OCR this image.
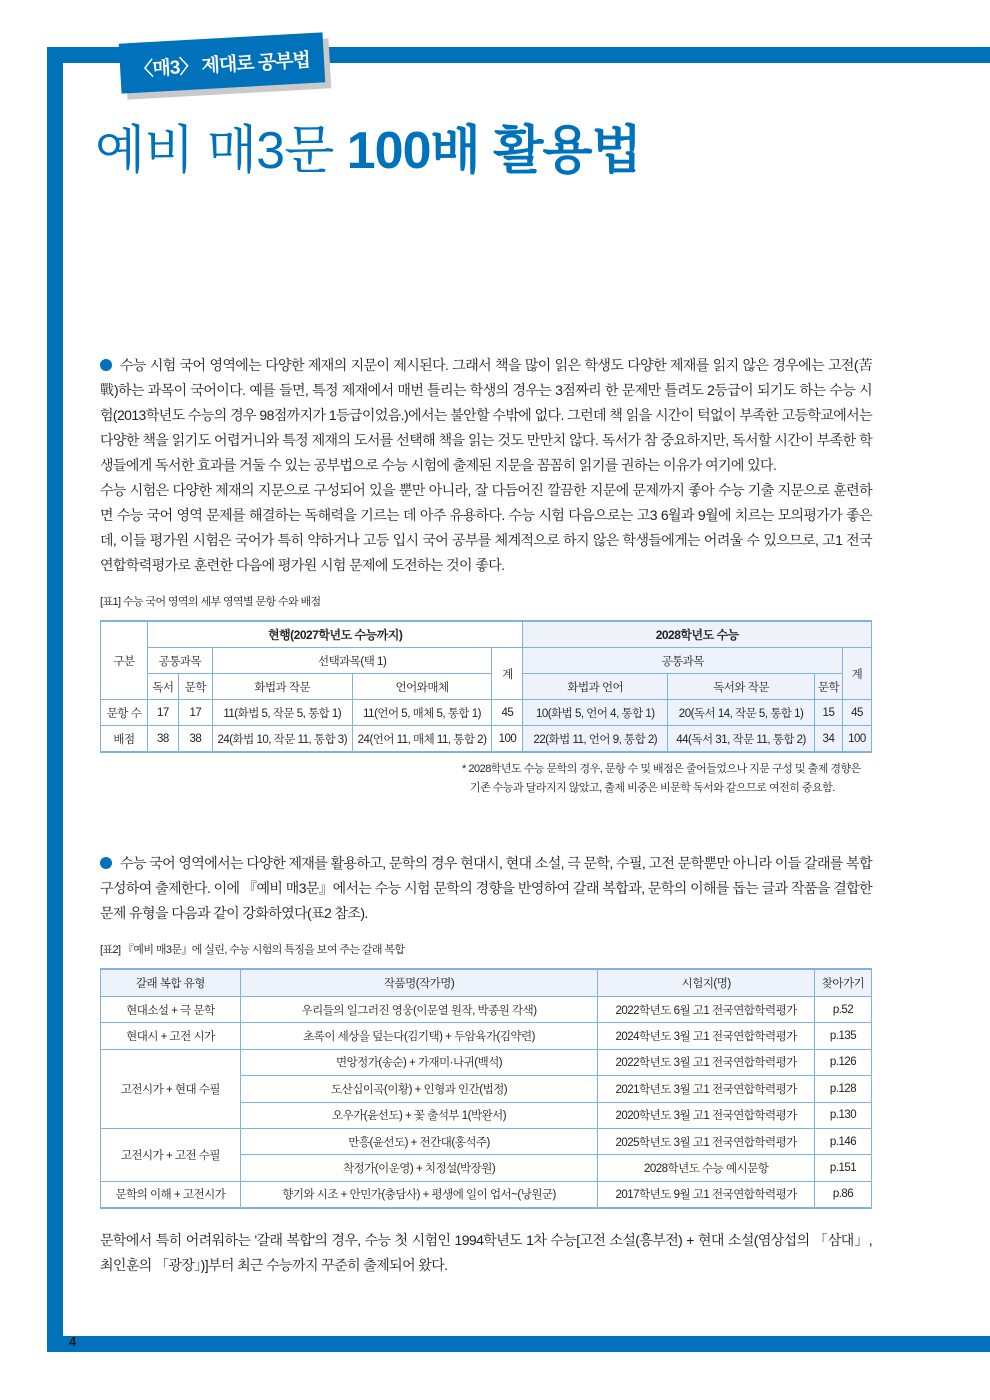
4
〈매3〉 제대로 공부법
예비 매3문 100배 활용법
수능 시험 국어 영역에는 다양한 제재의 지문이 제시된다. 그래서 책을 많이 읽은 학생도 다양한 제재를 읽지 않은 경우에는 고전(苦戰)하는 과목이 국어이다. 예를 들면, 특정 제재에서 매번 틀리는 학생의 경우는 3점짜리 한 문제만 틀려도 2등급이 되기도 하는 수능 시험(2013학년도 수능의 경우 98점까지가 1등급이었음.)에서는 불안할 수밖에 없다. 그런데 책 읽을 시간이 턱없이 부족한 고등학교에서는 다양한 책을 읽기도 어렵거니와 특정 제재의 도서를 선택해 책을 읽는 것도 만만치 않다. 독서가 참 중요하지만, 독서할 시간이 부족한 학생들에게 독서한 효과를 거둘 수 있는 공부법으로 수능 시험에 출제된 지문을 꼼꼼히 읽기를 권하는 이유가 여기에 있다.
수능 시험은 다양한 제재의 지문으로 구성되어 있을 뿐만 아니라, 잘 다듬어진 깔끔한 지문에 문제까지 좋아 수능 기출 지문으로 훈련하면 수능 국어 영역 문제를 해결하는 독해력을 기르는 데 아주 유용하다. 수능 시험 다음으로는 고3 6월과 9월에 치르는 모의평가가 좋은데, 이들 평가원 시험은 국어가 특히 약하거나 고등 입시 국어 공부를 체계적으로 하지 않은 학생들에게는 어려울 수 있으므로, 고1 전국연합학력평가로 훈련한 다음에 평가원 시험 문제에 도전하는 것이 좋다.
[표1] 수능 국어 영역의 세부 영역별 문항 수와 배점
구분	현행(2027학년도 수능까지)					2028학년도 수능			
	공통과목		선택과목(택 1)		계	공통과목			계
	독서	문학	화법과 작문	언어와매체		화법과 언어	독서와 작문	문학	
문항 수	17	17	11(화법 5, 작문 5, 통합 1)	11(언어 5, 매체 5, 통합 1)	45	10(화법 5, 언어 4, 통합 1)	20(독서 14, 작문 5, 통합 1)	15	45
배점	38	38	24(화법 10, 작문 11, 통합 3)	24(언어 11, 매체 11, 통합 2)	100	22(화법 11, 언어 9, 통합 2)	44(독서 31, 작문 11, 통합 2)	34	100
* 2028학년도 수능 문학의 경우, 문항 수 및 배점은 줄어들었으나 지문 구성 및 출제 경향은
기존 수능과 달라지지 않았고, 출제 비중은 비문학 독서와 같으므로 여전히 중요함.
수능 국어 영역에서는 다양한 제재를 활용하고, 문학의 경우 현대시, 현대 소설, 극 문학, 수필, 고전 문학뿐만 아니라 이들 갈래를 복합 구성하여 출제한다. 이에 『예비 매3문』에서는 수능 시험 문학의 경향을 반영하여 갈래 복합과, 문학의 이해를 돕는 글과 작품을 결합한 문제 유형을 다음과 같이 강화하였다(표2 참조).
[표2] 『예비 매3문』에 실린, 수능 시험의 특징을 보여 주는 갈래 복합
갈래 복합 유형	작품명(작가명)	시험지(명)	찾아가기
현대소설 + 극 문학	우리들의 일그러진 영웅(이문열 원작, 박종원 각색)	2022학년도 6월 고1 전국연합학력평가	p.52
현대시 + 고전 시가	초록이 세상을 덮는다(김기택) + 두암육가(김약련)	2024학년도 3월 고1 전국연합학력평가	p.135
고전시가 + 현대 수필	면앙정가(송순) + 가재미·나귀(백석)	2022학년도 3월 고1 전국연합학력평가	p.126
	도산십이곡(이황) + 인형과 인간(법정)	2021학년도 3월 고1 전국연합학력평가	p.128
	오우가(윤선도) + 꽃 출석부 1(박완서)	2020학년도 3월 고1 전국연합학력평가	p.130
고전시가 + 고전 수필	만흥(윤선도) + 전간대(홍석주)	2025학년도 3월 고1 전국연합학력평가	p.146
	착정가(이운영) + 치정설(박장원)	2028학년도 수능 예시문항	p.151
문학의 이해 + 고전시가	향기와 시조 + 안민가(충담사) + 평생에 일이 업서~(낭원군)	2017학년도 9월 고1 전국연합학력평가	p.86
문학에서 특히 어려워하는 '갈래 복합'의 경우, 수능 첫 시험인 1994학년도 1차 수능[고전 소설(흥부전) + 현대 소설(염상섭의 「삼대」, 최인훈의 「광장」)]부터 최근 수능까지 꾸준히 출제되어 왔다.
